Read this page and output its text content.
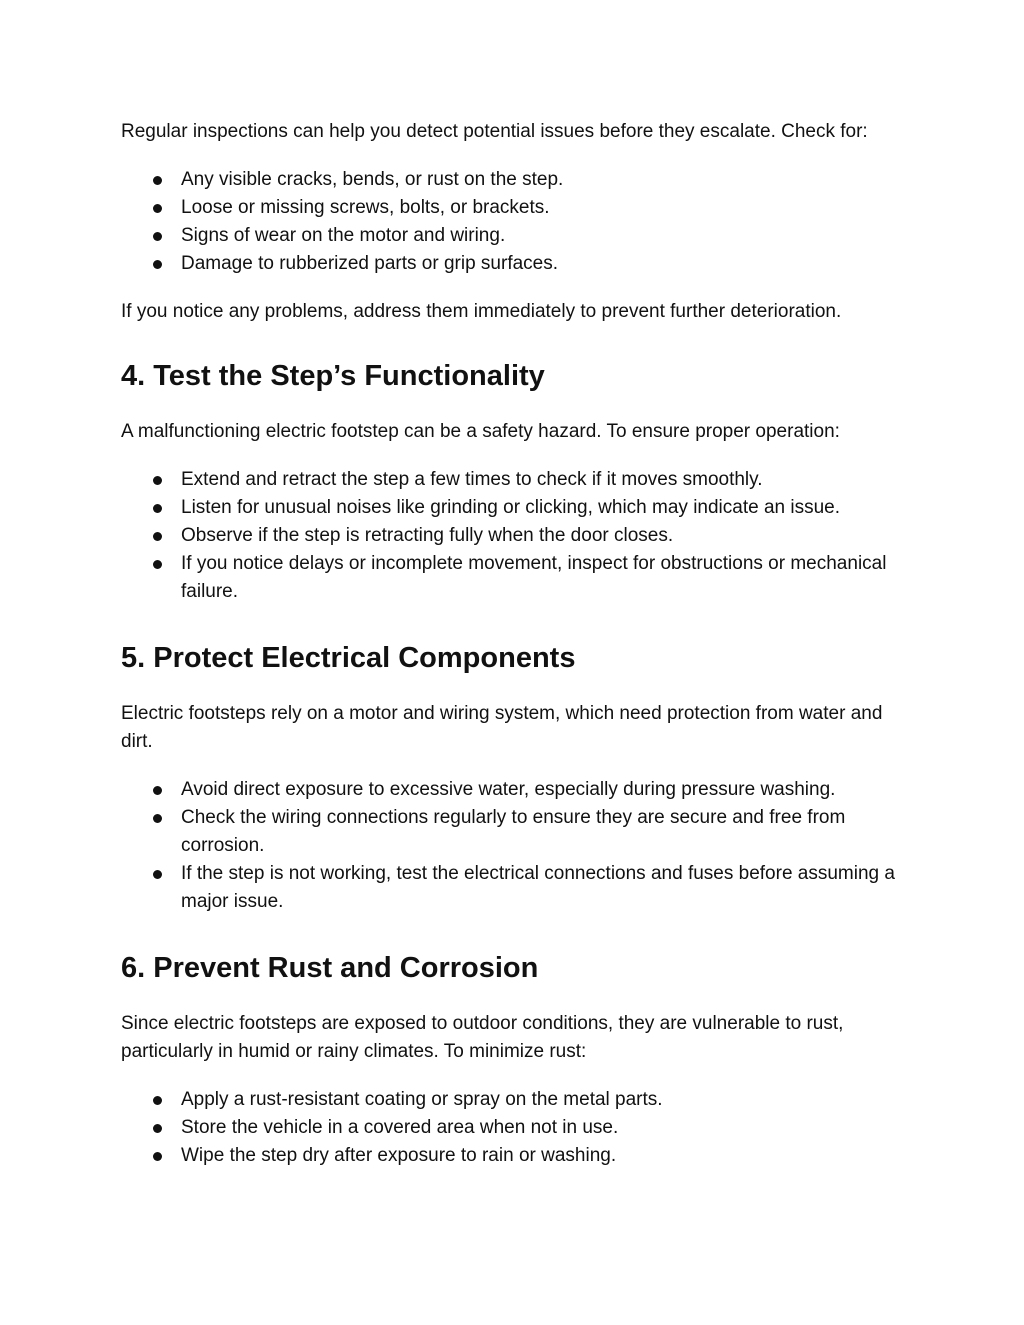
Regular inspections can help you detect potential issues before they escalate. Check for:

Any visible cracks, bends, or rust on the step.
Loose or missing screws, bolts, or brackets.
Signs of wear on the motor and wiring.
Damage to rubberized parts or grip surfaces.

If you notice any problems, address them immediately to prevent further deterioration.

4. Test the Step’s Functionality

A malfunctioning electric footstep can be a safety hazard. To ensure proper operation:

Extend and retract the step a few times to check if it moves smoothly.
Listen for unusual noises like grinding or clicking, which may indicate an issue.
Observe if the step is retracting fully when the door closes.
If you notice delays or incomplete movement, inspect for obstructions or mechanical failure.
5. Protect Electrical Components

Electric footsteps rely on a motor and wiring system, which need protection from water and dirt.

Avoid direct exposure to excessive water, especially during pressure washing.
Check the wiring connections regularly to ensure they are secure and free from corrosion.
If the step is not working, test the electrical connections and fuses before assuming a major issue.
6. Prevent Rust and Corrosion

Since electric footsteps are exposed to outdoor conditions, they are vulnerable to rust, particularly in humid or rainy climates. To minimize rust:

Apply a rust-resistant coating or spray on the metal parts.
Store the vehicle in a covered area when not in use.
Wipe the step dry after exposure to rain or washing.
